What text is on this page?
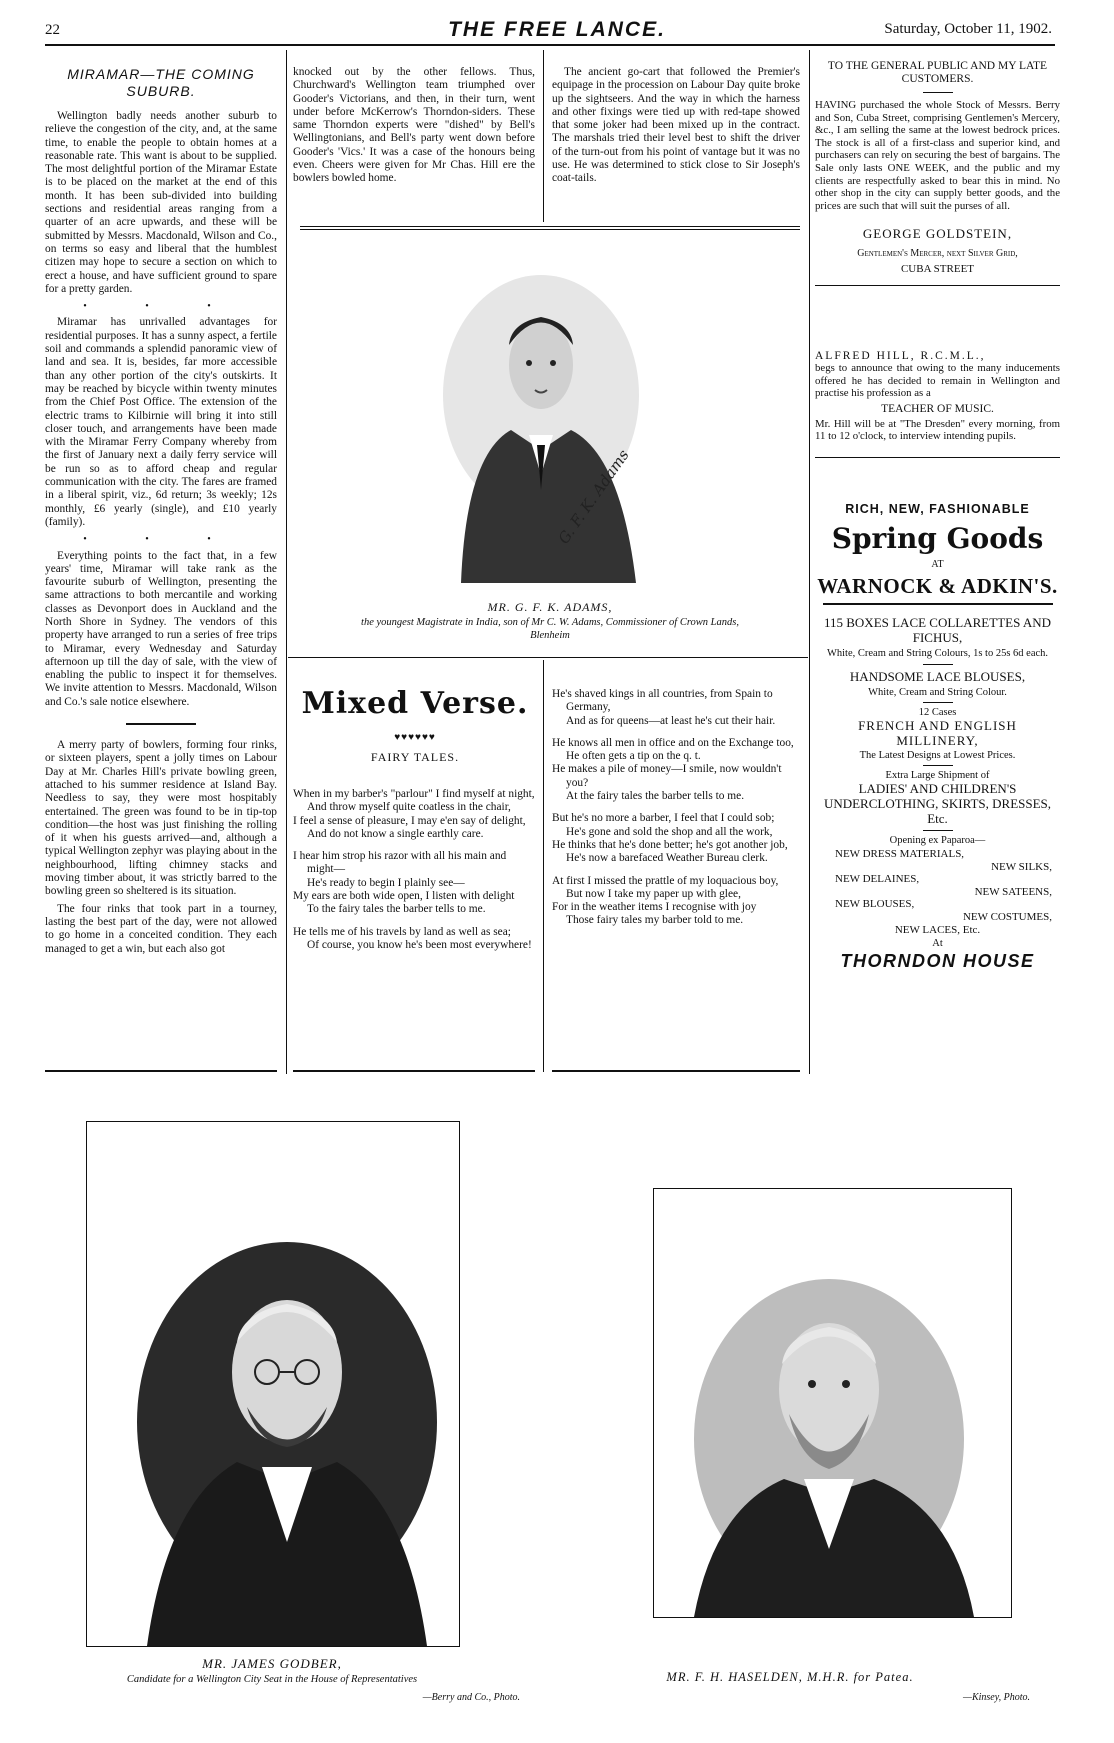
22	THE FREE LANCE.	Saturday, October 11, 1902.
MIRAMAR—THE COMING SUBURB.

Wellington badly needs another suburb to relieve the congestion of the city, and, at the same time, to enable the people to obtain homes at a reasonable rate. This want is about to be supplied. The most delightful portion of the Miramar Estate is to be placed on the market at the end of this month. It has been sub-divided into building sections and residential areas ranging from a quarter of an acre upwards, and these will be submitted by Messrs. Macdonald, Wilson and Co., on terms so easy and liberal that the humblest citizen may hope to secure a section on which to erect a house, and have sufficient ground to spare for a pretty garden.

• • •

Miramar has unrivalled advantages for residential purposes. It has a sunny aspect, a fertile soil and commands a splendid panoramic view of land and sea. It is, besides, far more accessible than any other portion of the city's outskirts. It may be reached by bicycle within twenty minutes from the Chief Post Office. The extension of the electric trams to Kilbirnie will bring it into still closer touch, and arrangements have been made with the Miramar Ferry Company whereby from the first of January next a daily ferry service will be run so as to afford cheap and regular communication with the city. The fares are framed in a liberal spirit, viz., 6d return; 3s weekly; 12s monthly, £6 yearly (single), and £10 yearly (family).

• • •

Everything points to the fact that, in a few years' time, Miramar will take rank as the favourite suburb of Wellington, presenting the same attractions to both mercantile and working classes as Devonport does in Auckland and the North Shore in Sydney. The vendors of this property have arranged to run a series of free trips to Miramar, every Wednesday and Saturday afternoon up till the day of sale, with the view of enabling the public to inspect it for themselves. We invite attention to Messrs. Macdonald, Wilson and Co.'s sale notice elsewhere.

A merry party of bowlers, forming four rinks, or sixteen players, spent a jolly times on Labour Day at Mr. Charles Hill's private bowling green, attached to his summer residence at Island Bay. Needless to say, they were most hospitably entertained. The green was found to be in tip-top condition—the host was just finishing the rolling of it when his guests arrived—and, although a typical Wellington zephyr was playing about in the neighbourhood, lifting chimney stacks and moving timber about, it was strictly barred to the bowling green so sheltered is its situation.

The four rinks that took part in a tourney, lasting the best part of the day, were not allowed to go home in a conceited condition. They each managed to get a win, but each also got

knocked out by the other fellows. Thus, Churchward's Wellington team triumphed over Gooder's Victorians, and then, in their turn, went under before McKerrow's Thorndon-siders. These same Thorndon experts were "dished" by Bell's Wellingtonians, and Bell's party went down before Gooder's 'Vics.' It was a case of the honours being even. Cheers were given for Mr Chas. Hill ere the bowlers bowled home.

The ancient go-cart that followed the Premier's equipage in the procession on Labour Day quite broke up the sightseers. And the way in which the harness and other fixings were tied up with red-tape showed that some joker had been mixed up in the contract. The marshals tried their level best to shift the driver of the turn-out from his point of vantage but it was no use. He was determined to stick close to Sir Joseph's coat-tails.

G. F. K. Adams
MR. G. F. K. ADAMS,
the youngest Magistrate in India, son of Mr C. W. Adams, Commissioner of Crown Lands, Blenheim
Mixed Verse.
♥♥♥♥♥♥
FAIRY TALES.
When in my barber's "parlour" I find myself at night,
And throw myself quite coatless in the chair,
I feel a sense of pleasure, I may e'en say of delight,
And do not know a single earthly care.
I hear him strop his razor with all his main and might—
He's ready to begin I plainly see—
My ears are both wide open, I listen with delight
To the fairy tales the barber tells to me.
He tells me of his travels by land as well as sea;
Of course, you know he's been most everywhere!
He's shaved kings in all countries, from Spain to Germany,
And as for queens—at least he's cut their hair.
He knows all men in office and on the Exchange too,
He often gets a tip on the q. t.
He makes a pile of money—I smile, now wouldn't you?
At the fairy tales the barber tells to me.
But he's no more a barber, I feel that I could sob;
He's gone and sold the shop and all the work,
He thinks that he's done better; he's got another job,
He's now a barefaced Weather Bureau clerk.
At first I missed the prattle of my loquacious boy,
But now I take my paper up with glee,
For in the weather items I recognise with joy
Those fairy tales my barber told to me.
TO THE GENERAL PUBLIC AND MY LATE CUSTOMERS.
HAVING purchased the whole Stock of Messrs. Berry and Son, Cuba Street, comprising Gentlemen's Mercery, &c., I am selling the same at the lowest bedrock prices. The stock is all of a first-class and superior kind, and purchasers can rely on securing the best of bargains. The Sale only lasts ONE WEEK, and the public and my clients are respectfully asked to bear this in mind. No other shop in the city can supply better goods, and the prices are such that will suit the purses of all.
GEORGE GOLDSTEIN,
Gentlemen's Mercer, next Silver Grid,
CUBA STREET
ALFRED HILL, R.C.M.L.,
begs to announce that owing to the many inducements offered he has decided to remain in Wellington and practise his profession as a
TEACHER OF MUSIC.
Mr. Hill will be at "The Dresden" every morning, from 11 to 12 o'clock, to interview intending pupils.
RICH, NEW, FASHIONABLE
Spring Goods
AT
WARNOCK & ADKIN'S.
115 BOXES LACE COLLARETTES AND FICHUS,
White, Cream and String Colours, 1s to 25s 6d each.
HANDSOME LACE BLOUSES,
White, Cream and String Colour.
12 Cases
FRENCH AND ENGLISH MILLINERY,
The Latest Designs at Lowest Prices.
Extra Large Shipment of
LADIES' AND CHILDREN'S UNDERCLOTHING, SKIRTS, DRESSES, Etc.
Opening ex Paparoa—
NEW DRESS MATERIALS,
NEW SILKS,
NEW DELAINES,
NEW SATEENS,
NEW BLOUSES,
NEW COSTUMES,
NEW LACES, Etc.
At
THORNDON HOUSE
MR. JAMES GODBER,
Candidate for a Wellington City Seat in the House of Representatives
—Berry and Co., Photo.
MR. F. H. HASELDEN, M.H.R. for Patea.
—Kinsey, Photo.
